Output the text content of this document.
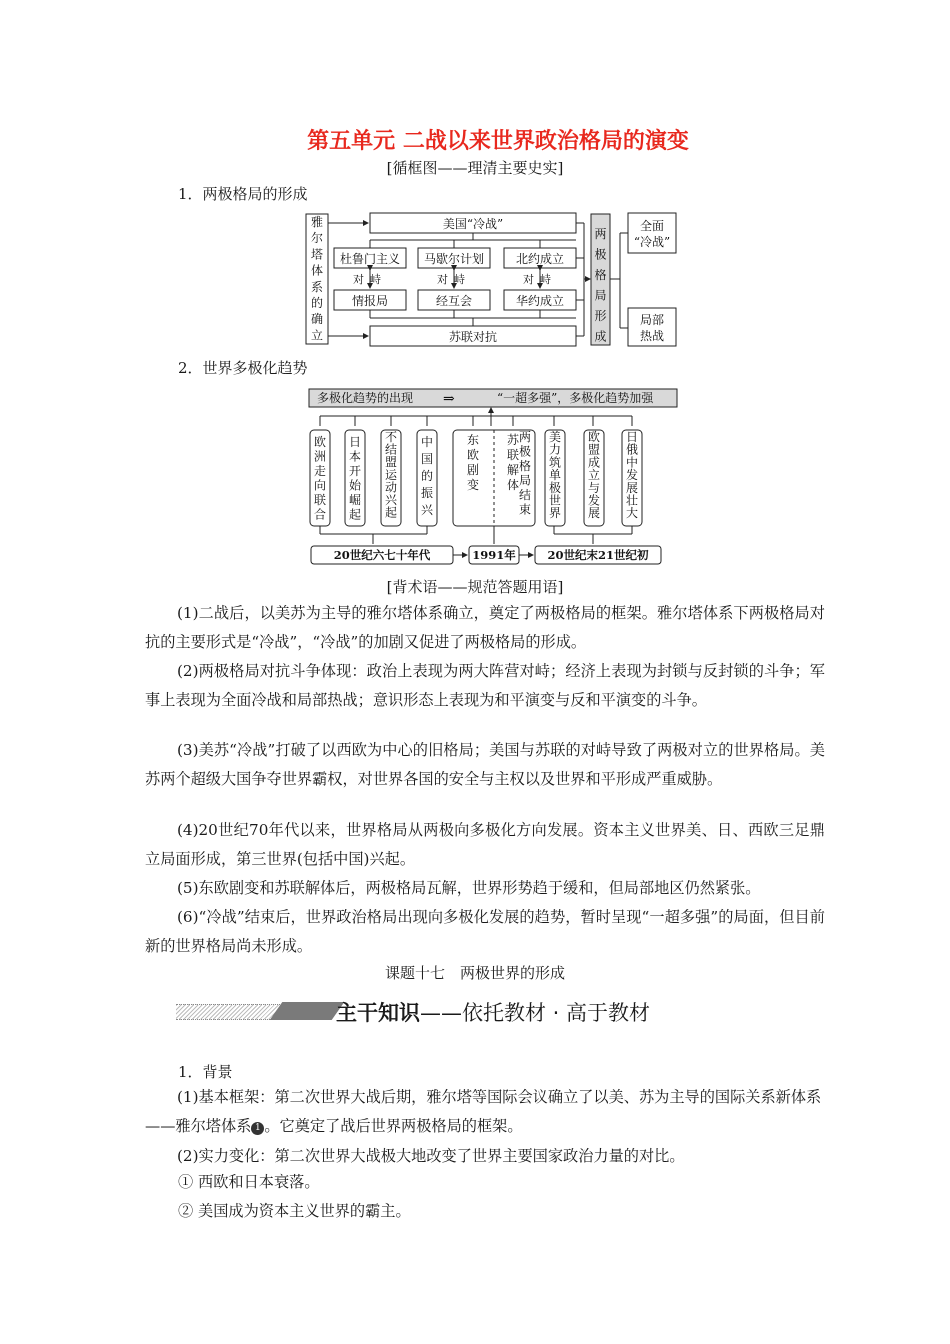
第五单元 二战以来世界政治格局的演变
[循框图——理清主要史实]
1．两极格局的形成
雅尔塔体系的确立
美国“冷战”
杜鲁门主义 马歇尔计划	北约成立
对峙	对峙	对峙
情报局	经互会	华约成立
苏联对抗
全面
“冷战”
局部
热战
两极格局形成
2．世界多极化趋势
多极化趋势的出现 ⇒	“一超多强”，多极化趋势加强
欧洲走向联合
日本开始崛起
不结盟运动兴起
中国的振兴
东欧剧变
苏联解体
两极格局结束
美力筑单极世界
欧盟成立与发展
日俄中发展壮大
20世纪六七十年代	1991年	20世纪末21世纪初
[背术语——规范答题用语]
(1)二战后，以美苏为主导的雅尔塔体系确立，奠定了两极格局的框架。雅尔塔体系下两极格局对抗的主要形式是“冷战”，“冷战”的加剧又促进了两极格局的形成。
(2)两极格局对抗斗争体现：政治上表现为两大阵营对峙；经济上表现为封锁与反封锁的斗争；军事上表现为全面冷战和局部热战；意识形态上表现为和平演变与反和平演变的斗争。
(3)美苏“冷战”打破了以西欧为中心的旧格局；美国与苏联的对峙导致了两极对立的世界格局。美苏两个超级大国争夺世界霸权，对世界各国的安全与主权以及世界和平形成严重威胁。
(4)20世纪70年代以来，世界格局从两极向多极化方向发展。资本主义世界美、日、西欧三足鼎立局面形成，第三世界(包括中国)兴起。
(5)东欧剧变和苏联解体后，两极格局瓦解，世界形势趋于缓和，但局部地区仍然紧张。
(6)“冷战”结束后，世界政治格局出现向多极化发展的趋势，暂时呈现“一超多强”的局面，但目前新的世界格局尚未形成。
课题十七　两极世界的形成
主干知识——依托教材 · 高于教材
1．背景
(1)基本框架：第二次世界大战后期，雅尔塔等国际会议确立了以美、苏为主导的国际关系新体系——雅尔塔体系 1 。它奠定了战后世界两极格局的框架。
(2)实力变化：第二次世界大战极大地改变了世界主要国家政治力量的对比。
① 西欧和日本衰落。
② 美国成为资本主义世界的霸主。
